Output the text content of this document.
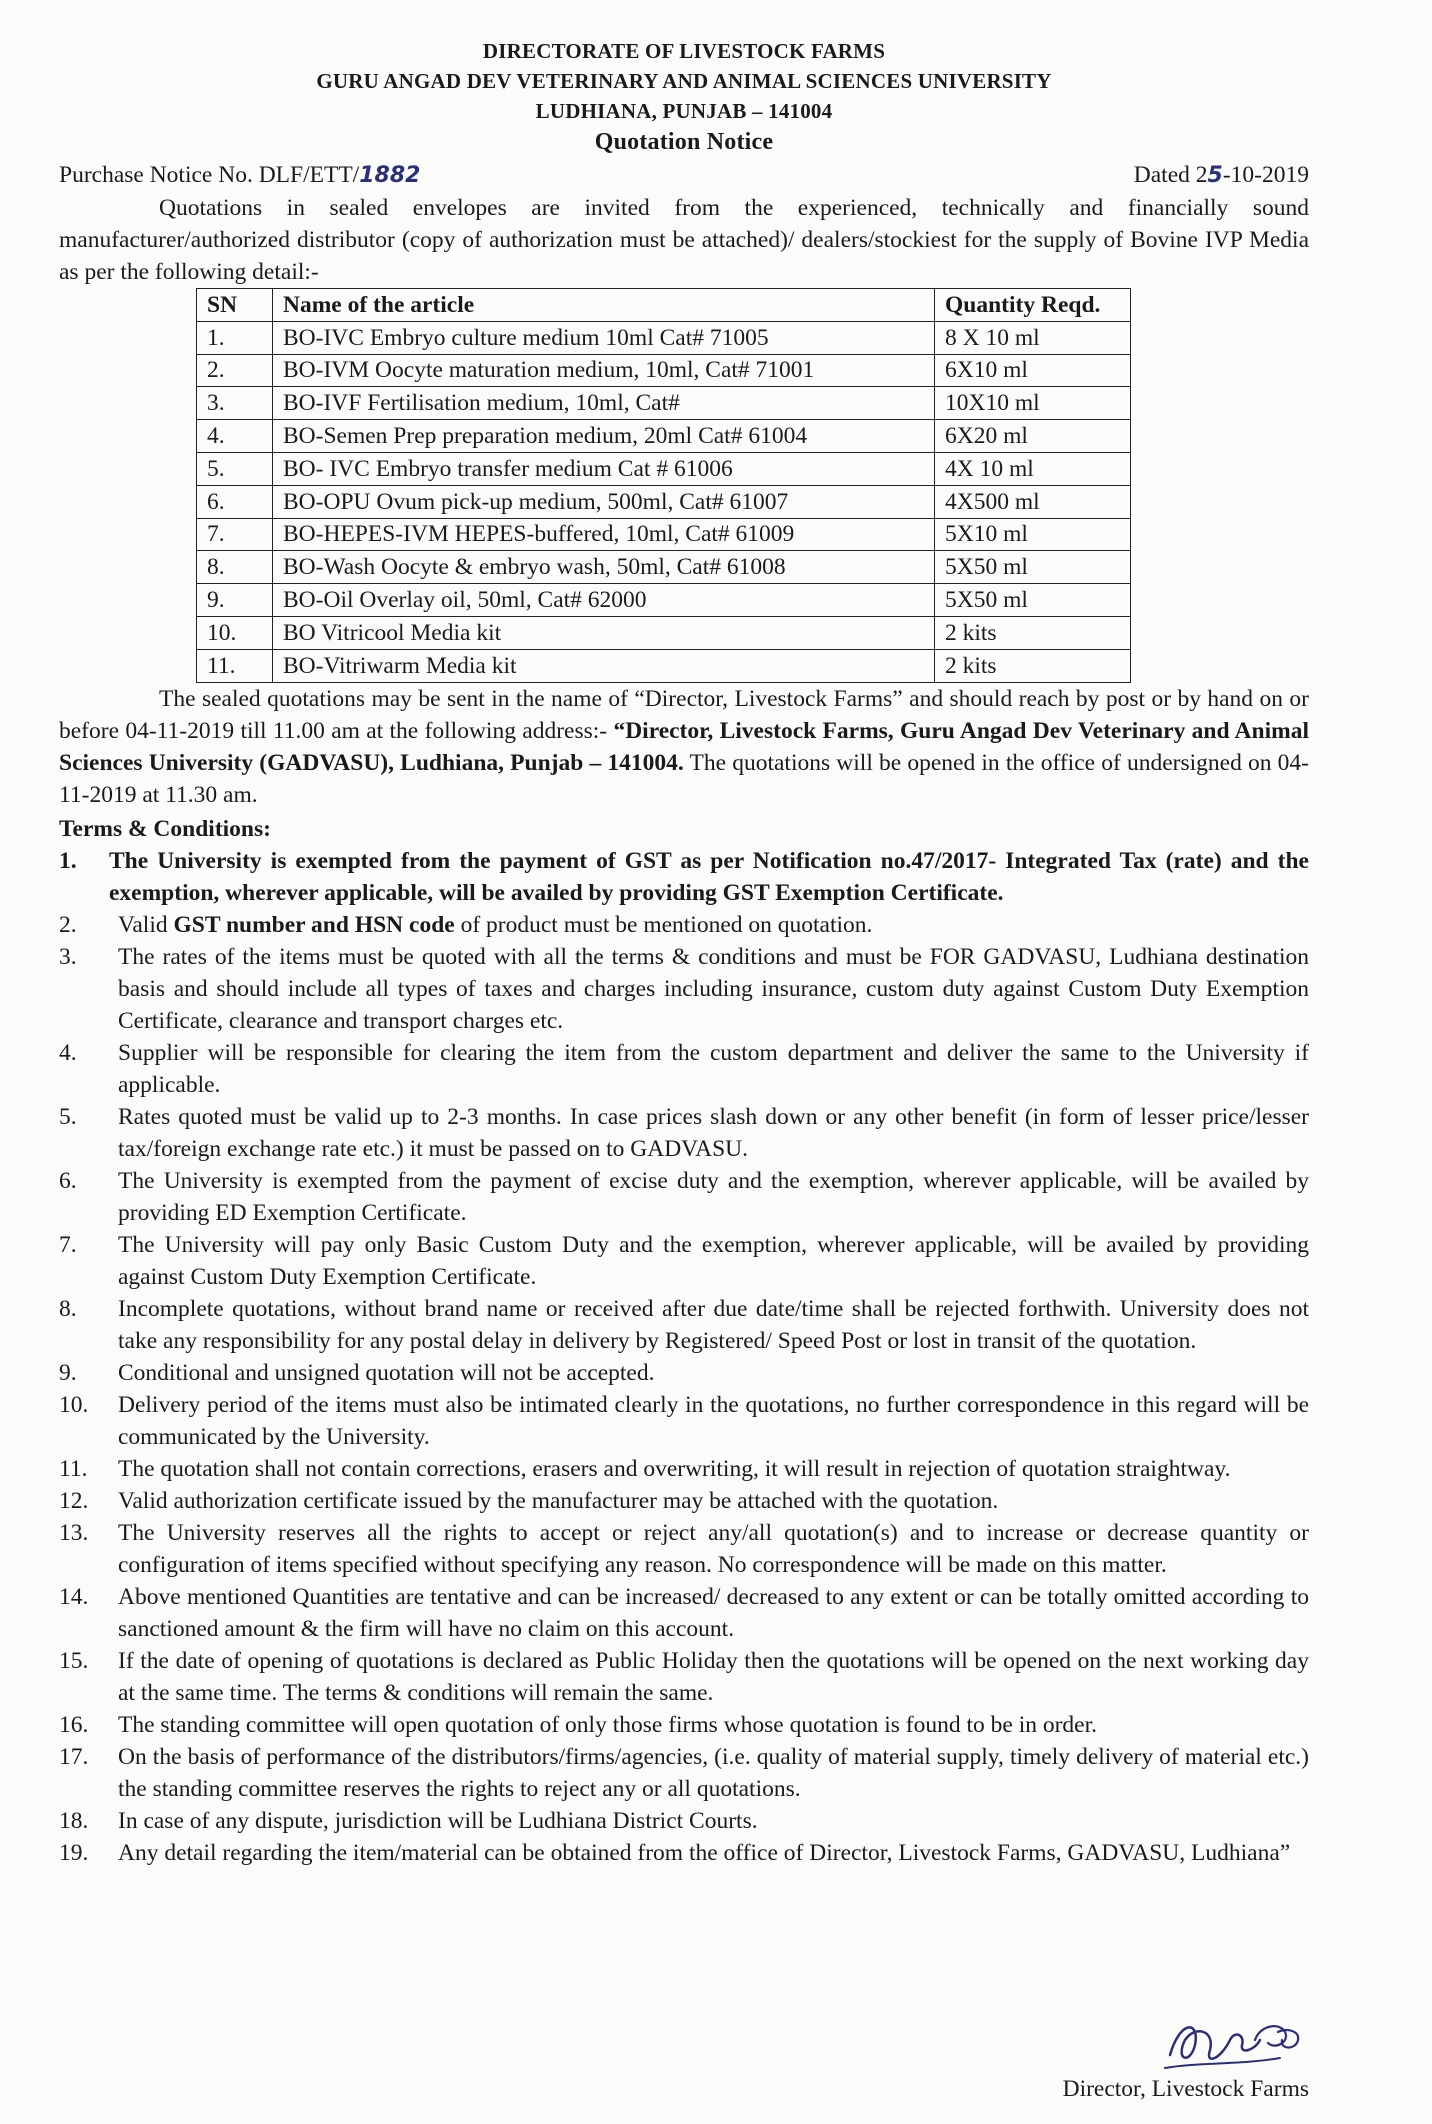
DIRECTORATE OF LIVESTOCK FARMS
GURU ANGAD DEV VETERINARY AND ANIMAL SCIENCES UNIVERSITY
LUDHIANA, PUNJAB – 141004
Quotation Notice
Purchase Notice No. DLF/ETT/1882	Dated 25-10-2019

Quotations in sealed envelopes are invited from the experienced, technically and financially sound manufacturer/authorized distributor (copy of authorization must be attached)/ dealers/stockiest for the supply of Bovine IVP Media as per the following detail:-

SN	Name of the article	Quantity Reqd.
1.	BO-IVC Embryo culture medium 10ml Cat# 71005	8 X 10 ml
2.	BO-IVM Oocyte maturation medium, 10ml, Cat# 71001	6X10 ml
3.	BO-IVF Fertilisation medium, 10ml, Cat#	10X10 ml
4.	BO-Semen Prep preparation medium, 20ml Cat# 61004	6X20 ml
5.	BO- IVC Embryo transfer medium Cat # 61006	4X 10 ml
6.	BO-OPU Ovum pick-up medium, 500ml, Cat# 61007	4X500 ml
7.	BO-HEPES-IVM HEPES-buffered, 10ml, Cat# 61009	5X10 ml
8.	BO-Wash Oocyte & embryo wash, 50ml, Cat# 61008	5X50 ml
9.	BO-Oil Overlay oil, 50ml, Cat# 62000	5X50 ml
10.	BO Vitricool Media kit	2 kits
11.	BO-Vitriwarm Media kit	2 kits

The sealed quotations may be sent in the name of “Director, Livestock Farms” and should reach by post or by hand on or before 04-11-2019 till 11.00 am at the following address:- “Director, Livestock Farms, Guru Angad Dev Veterinary and Animal Sciences University (GADVASU), Ludhiana, Punjab – 141004. The quotations will be opened in the office of undersigned on 04-11-2019 at 11.30 am.

Terms & Conditions:
1. The University is exempted from the payment of GST as per Notification no.47/2017- Integrated Tax (rate) and the exemption, wherever applicable, will be availed by providing GST Exemption Certificate.
2. Valid GST number and HSN code of product must be mentioned on quotation.
3. The rates of the items must be quoted with all the terms & conditions and must be FOR GADVASU, Ludhiana destination basis and should include all types of taxes and charges including insurance, custom duty against Custom Duty Exemption Certificate, clearance and transport charges etc.
4. Supplier will be responsible for clearing the item from the custom department and deliver the same to the University if applicable.
5. Rates quoted must be valid up to 2-3 months. In case prices slash down or any other benefit (in form of lesser price/lesser tax/foreign exchange rate etc.) it must be passed on to GADVASU.
6. The University is exempted from the payment of excise duty and the exemption, wherever applicable, will be availed by providing ED Exemption Certificate.
7. The University will pay only Basic Custom Duty and the exemption, wherever applicable, will be availed by providing against Custom Duty Exemption Certificate.
8. Incomplete quotations, without brand name or received after due date/time shall be rejected forthwith. University does not take any responsibility for any postal delay in delivery by Registered/ Speed Post or lost in transit of the quotation.
9. Conditional and unsigned quotation will not be accepted.
10. Delivery period of the items must also be intimated clearly in the quotations, no further correspondence in this regard will be communicated by the University.
11. The quotation shall not contain corrections, erasers and overwriting, it will result in rejection of quotation straightway.
12. Valid authorization certificate issued by the manufacturer may be attached with the quotation.
13. The University reserves all the rights to accept or reject any/all quotation(s) and to increase or decrease quantity or configuration of items specified without specifying any reason. No correspondence will be made on this matter.
14. Above mentioned Quantities are tentative and can be increased/ decreased to any extent or can be totally omitted according to sanctioned amount & the firm will have no claim on this account.
15. If the date of opening of quotations is declared as Public Holiday then the quotations will be opened on the next working day at the same time. The terms & conditions will remain the same.
16. The standing committee will open quotation of only those firms whose quotation is found to be in order.
17. On the basis of performance of the distributors/firms/agencies, (i.e. quality of material supply, timely delivery of material etc.) the standing committee reserves the rights to reject any or all quotations.
18. In case of any dispute, jurisdiction will be Ludhiana District Courts.
19. Any detail regarding the item/material can be obtained from the office of Director, Livestock Farms, GADVASU, Ludhiana”
Director, Livestock Farms
